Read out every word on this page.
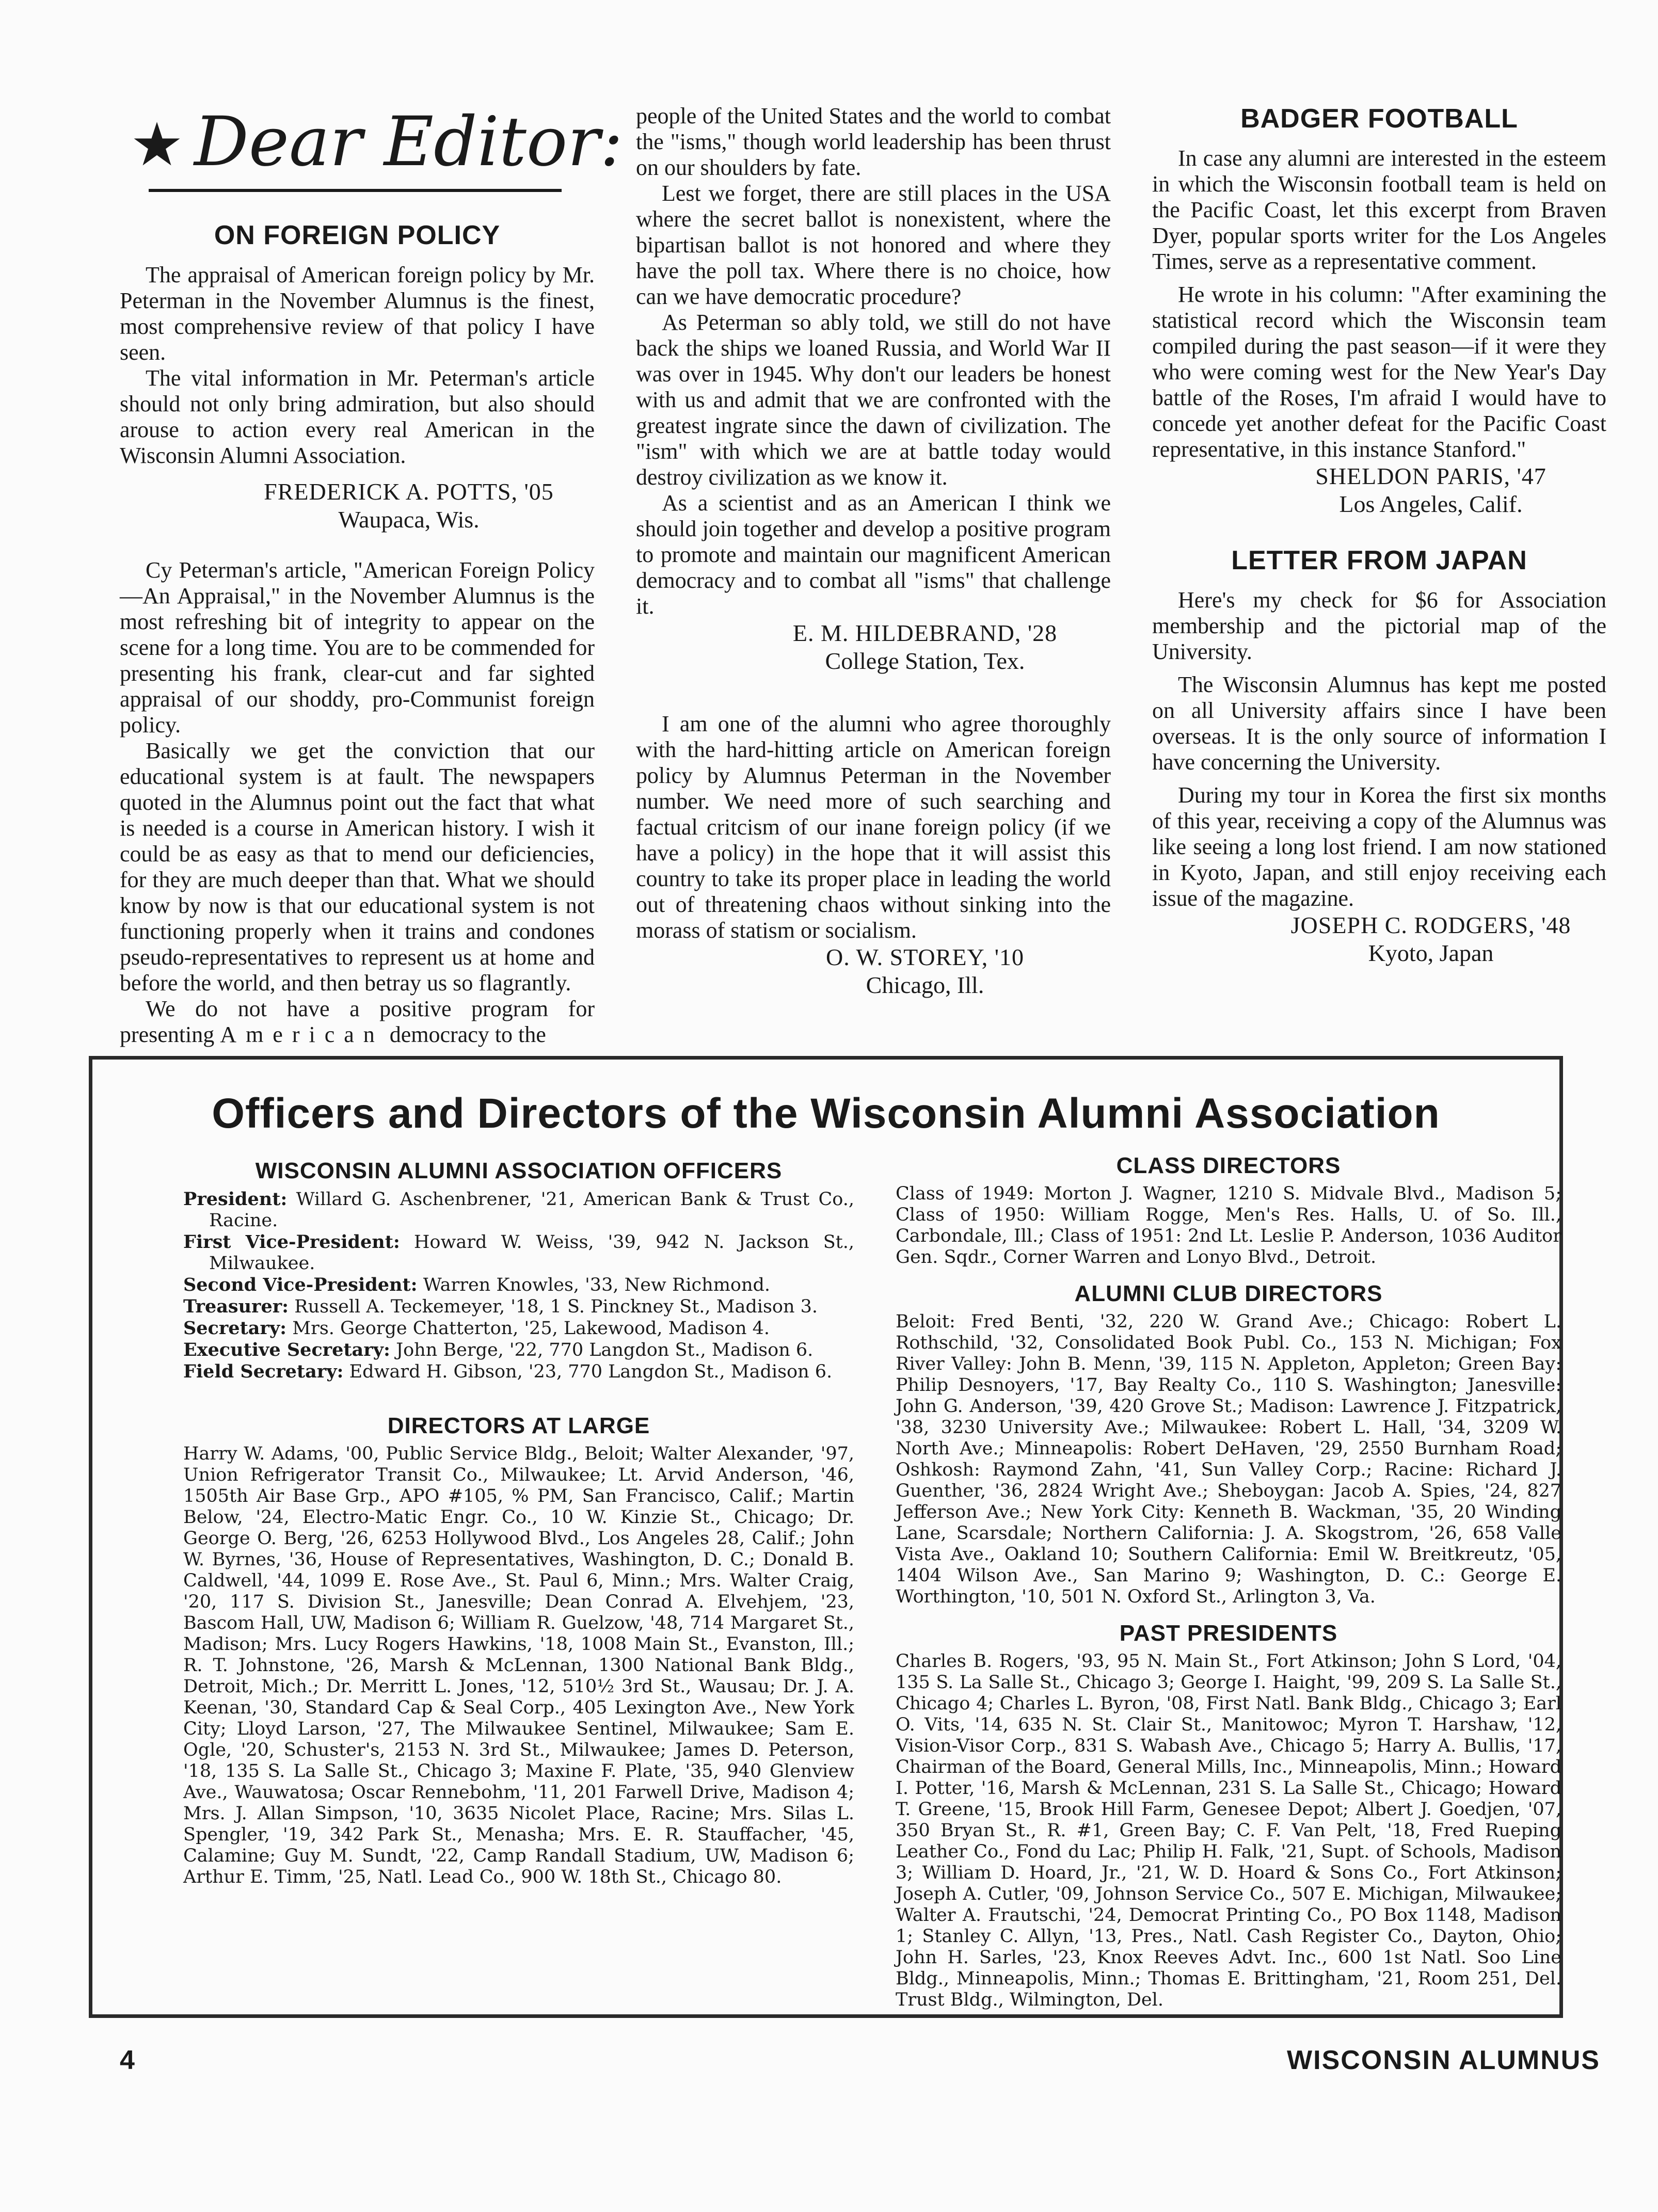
★ Dear Editor:
ON FOREIGN POLICY

The appraisal of American foreign policy by Mr. Peterman in the November Alumnus is the finest, most comprehensive review of that policy I have seen.

The vital information in Mr. Peterman's article should not only bring admiration, but also should arouse to action every real American in the Wisconsin Alumni Association.

FREDERICK A. POTTS, '05
Waupaca, Wis.

Cy Peterman's article, "American Foreign Policy—An Appraisal," in the November Alumnus is the most refreshing bit of integrity to appear on the scene for a long time. You are to be commended for presenting his frank, clear-cut and far sighted appraisal of our shoddy, pro-Communist foreign policy.

Basically we get the conviction that our educational system is at fault. The newspapers quoted in the Alumnus point out the fact that what is needed is a course in American history. I wish it could be as easy as that to mend our deficiencies, for they are much deeper than that. What we should know by now is that our educational system is not functioning properly when it trains and condones pseudo-representatives to represent us at home and before the world, and then betray us so flagrantly.

We do not have a positive program for presenting American democracy to the

people of the United States and the world to combat the "isms," though world leadership has been thrust on our shoulders by fate.

Lest we forget, there are still places in the USA where the secret ballot is nonexistent, where the bipartisan ballot is not honored and where they have the poll tax. Where there is no choice, how can we have democratic procedure?

As Peterman so ably told, we still do not have back the ships we loaned Russia, and World War II was over in 1945. Why don't our leaders be honest with us and admit that we are confronted with the greatest ingrate since the dawn of civilization. The "ism" with which we are at battle today would destroy civilization as we know it.

As a scientist and as an American I think we should join together and develop a positive program to promote and maintain our magnificent American democracy and to combat all "isms" that challenge it.

E. M. HILDEBRAND, '28
College Station, Tex.

I am one of the alumni who agree thoroughly with the hard-hitting article on American foreign policy by Alumnus Peterman in the November number. We need more of such searching and factual critcism of our inane foreign policy (if we have a policy) in the hope that it will assist this country to take its proper place in leading the world out of threatening chaos without sinking into the morass of statism or socialism.

O. W. STOREY, '10
Chicago, Ill.
BADGER FOOTBALL

In case any alumni are interested in the esteem in which the Wisconsin football team is held on the Pacific Coast, let this excerpt from Braven Dyer, popular sports writer for the Los Angeles Times, serve as a representative comment.

He wrote in his column: "After examining the statistical record which the Wisconsin team compiled during the past season—if it were they who were coming west for the New Year's Day battle of the Roses, I'm afraid I would have to concede yet another defeat for the Pacific Coast representative, in this instance Stanford."

SHELDON PARIS, '47
Los Angeles, Calif.
LETTER FROM JAPAN

Here's my check for $6 for Association membership and the pictorial map of the University.

The Wisconsin Alumnus has kept me posted on all University affairs since I have been overseas. It is the only source of information I have concerning the University.

During my tour in Korea the first six months of this year, receiving a copy of the Alumnus was like seeing a long lost friend. I am now stationed in Kyoto, Japan, and still enjoy receiving each issue of the magazine.

JOSEPH C. RODGERS, '48
Kyoto, Japan
Officers and Directors of the Wisconsin Alumni Association
WISCONSIN ALUMNI ASSOCIATION OFFICERS
President: Willard G. Aschenbrener, '21, American Bank & Trust Co., Racine.
First Vice-President: Howard W. Weiss, '39, 942 N. Jackson St., Milwaukee.
Second Vice-President: Warren Knowles, '33, New Richmond.
Treasurer: Russell A. Teckemeyer, '18, 1 S. Pinckney St., Madison 3.
Secretary: Mrs. George Chatterton, '25, Lakewood, Madison 4.
Executive Secretary: John Berge, '22, 770 Langdon St., Madison 6.
Field Secretary: Edward H. Gibson, '23, 770 Langdon St., Madison 6.
DIRECTORS AT LARGE
Harry W. Adams, '00, Public Service Bldg., Beloit; Walter Alexander, '97, Union Refrigerator Transit Co., Milwaukee; Lt. Arvid Anderson, '46, 1505th Air Base Grp., APO #105, % PM, San Francisco, Calif.; Martin Below, '24, Electro-Matic Engr. Co., 10 W. Kinzie St., Chicago; Dr. George O. Berg, '26, 6253 Hollywood Blvd., Los Angeles 28, Calif.; John W. Byrnes, '36, House of Representatives, Washington, D. C.; Donald B. Caldwell, '44, 1099 E. Rose Ave., St. Paul 6, Minn.; Mrs. Walter Craig, '20, 117 S. Division St., Janesville; Dean Conrad A. Elvehjem, '23, Bascom Hall, UW, Madison 6; William R. Guelzow, '48, 714 Margaret St., Madison; Mrs. Lucy Rogers Hawkins, '18, 1008 Main St., Evanston, Ill.; R. T. Johnstone, '26, Marsh & McLennan, 1300 National Bank Bldg., Detroit, Mich.; Dr. Merritt L. Jones, '12, 510½ 3rd St., Wausau; Dr. J. A. Keenan, '30, Standard Cap & Seal Corp., 405 Lexington Ave., New York City; Lloyd Larson, '27, The Milwaukee Sentinel, Milwaukee; Sam E. Ogle, '20, Schuster's, 2153 N. 3rd St., Milwaukee; James D. Peterson, '18, 135 S. La Salle St., Chicago 3; Maxine F. Plate, '35, 940 Glenview Ave., Wauwatosa; Oscar Rennebohm, '11, 201 Farwell Drive, Madison 4; Mrs. J. Allan Simpson, '10, 3635 Nicolet Place, Racine; Mrs. Silas L. Spengler, '19, 342 Park St., Menasha; Mrs. E. R. Stauffacher, '45, Calamine; Guy M. Sundt, '22, Camp Randall Stadium, UW, Madison 6; Arthur E. Timm, '25, Natl. Lead Co., 900 W. 18th St., Chicago 80.
CLASS DIRECTORS
Class of 1949: Morton J. Wagner, 1210 S. Midvale Blvd., Madison 5; Class of 1950: William Rogge, Men's Res. Halls, U. of So. Ill., Carbondale, Ill.; Class of 1951: 2nd Lt. Leslie P. Anderson, 1036 Auditor Gen. Sqdr., Corner Warren and Lonyo Blvd., Detroit.
ALUMNI CLUB DIRECTORS
Beloit: Fred Benti, '32, 220 W. Grand Ave.; Chicago: Robert L. Rothschild, '32, Consolidated Book Publ. Co., 153 N. Michigan; Fox River Valley: John B. Menn, '39, 115 N. Appleton, Appleton; Green Bay: Philip Desnoyers, '17, Bay Realty Co., 110 S. Washington; Janesville: John G. Anderson, '39, 420 Grove St.; Madison: Lawrence J. Fitzpatrick, '38, 3230 University Ave.; Milwaukee: Robert L. Hall, '34, 3209 W. North Ave.; Minneapolis: Robert DeHaven, '29, 2550 Burnham Road; Oshkosh: Raymond Zahn, '41, Sun Valley Corp.; Racine: Richard J. Guenther, '36, 2824 Wright Ave.; Sheboygan: Jacob A. Spies, '24, 827 Jefferson Ave.; New York City: Kenneth B. Wackman, '35, 20 Winding Lane, Scarsdale; Northern California: J. A. Skogstrom, '26, 658 Valle Vista Ave., Oakland 10; Southern California: Emil W. Breitkreutz, '05, 1404 Wilson Ave., San Marino 9; Washington, D. C.: George E. Worthington, '10, 501 N. Oxford St., Arlington 3, Va.
PAST PRESIDENTS
Charles B. Rogers, '93, 95 N. Main St., Fort Atkinson; John S Lord, '04, 135 S. La Salle St., Chicago 3; George I. Haight, '99, 209 S. La Salle St., Chicago 4; Charles L. Byron, '08, First Natl. Bank Bldg., Chicago 3; Earl O. Vits, '14, 635 N. St. Clair St., Manitowoc; Myron T. Harshaw, '12, Vision-Visor Corp., 831 S. Wabash Ave., Chicago 5; Harry A. Bullis, '17, Chairman of the Board, General Mills, Inc., Minneapolis, Minn.; Howard I. Potter, '16, Marsh & McLennan, 231 S. La Salle St., Chicago; Howard T. Greene, '15, Brook Hill Farm, Genesee Depot; Albert J. Goedjen, '07, 350 Bryan St., R. #1, Green Bay; C. F. Van Pelt, '18, Fred Rueping Leather Co., Fond du Lac; Philip H. Falk, '21, Supt. of Schools, Madison 3; William D. Hoard, Jr., '21, W. D. Hoard & Sons Co., Fort Atkinson; Joseph A. Cutler, '09, Johnson Service Co., 507 E. Michigan, Milwaukee; Walter A. Frautschi, '24, Democrat Printing Co., PO Box 1148, Madison 1; Stanley C. Allyn, '13, Pres., Natl. Cash Register Co., Dayton, Ohio; John H. Sarles, '23, Knox Reeves Advt. Inc., 600 1st Natl. Soo Line Bldg., Minneapolis, Minn.; Thomas E. Brittingham, '21, Room 251, Del. Trust Bldg., Wilmington, Del.
4	WISCONSIN ALUMNUS
